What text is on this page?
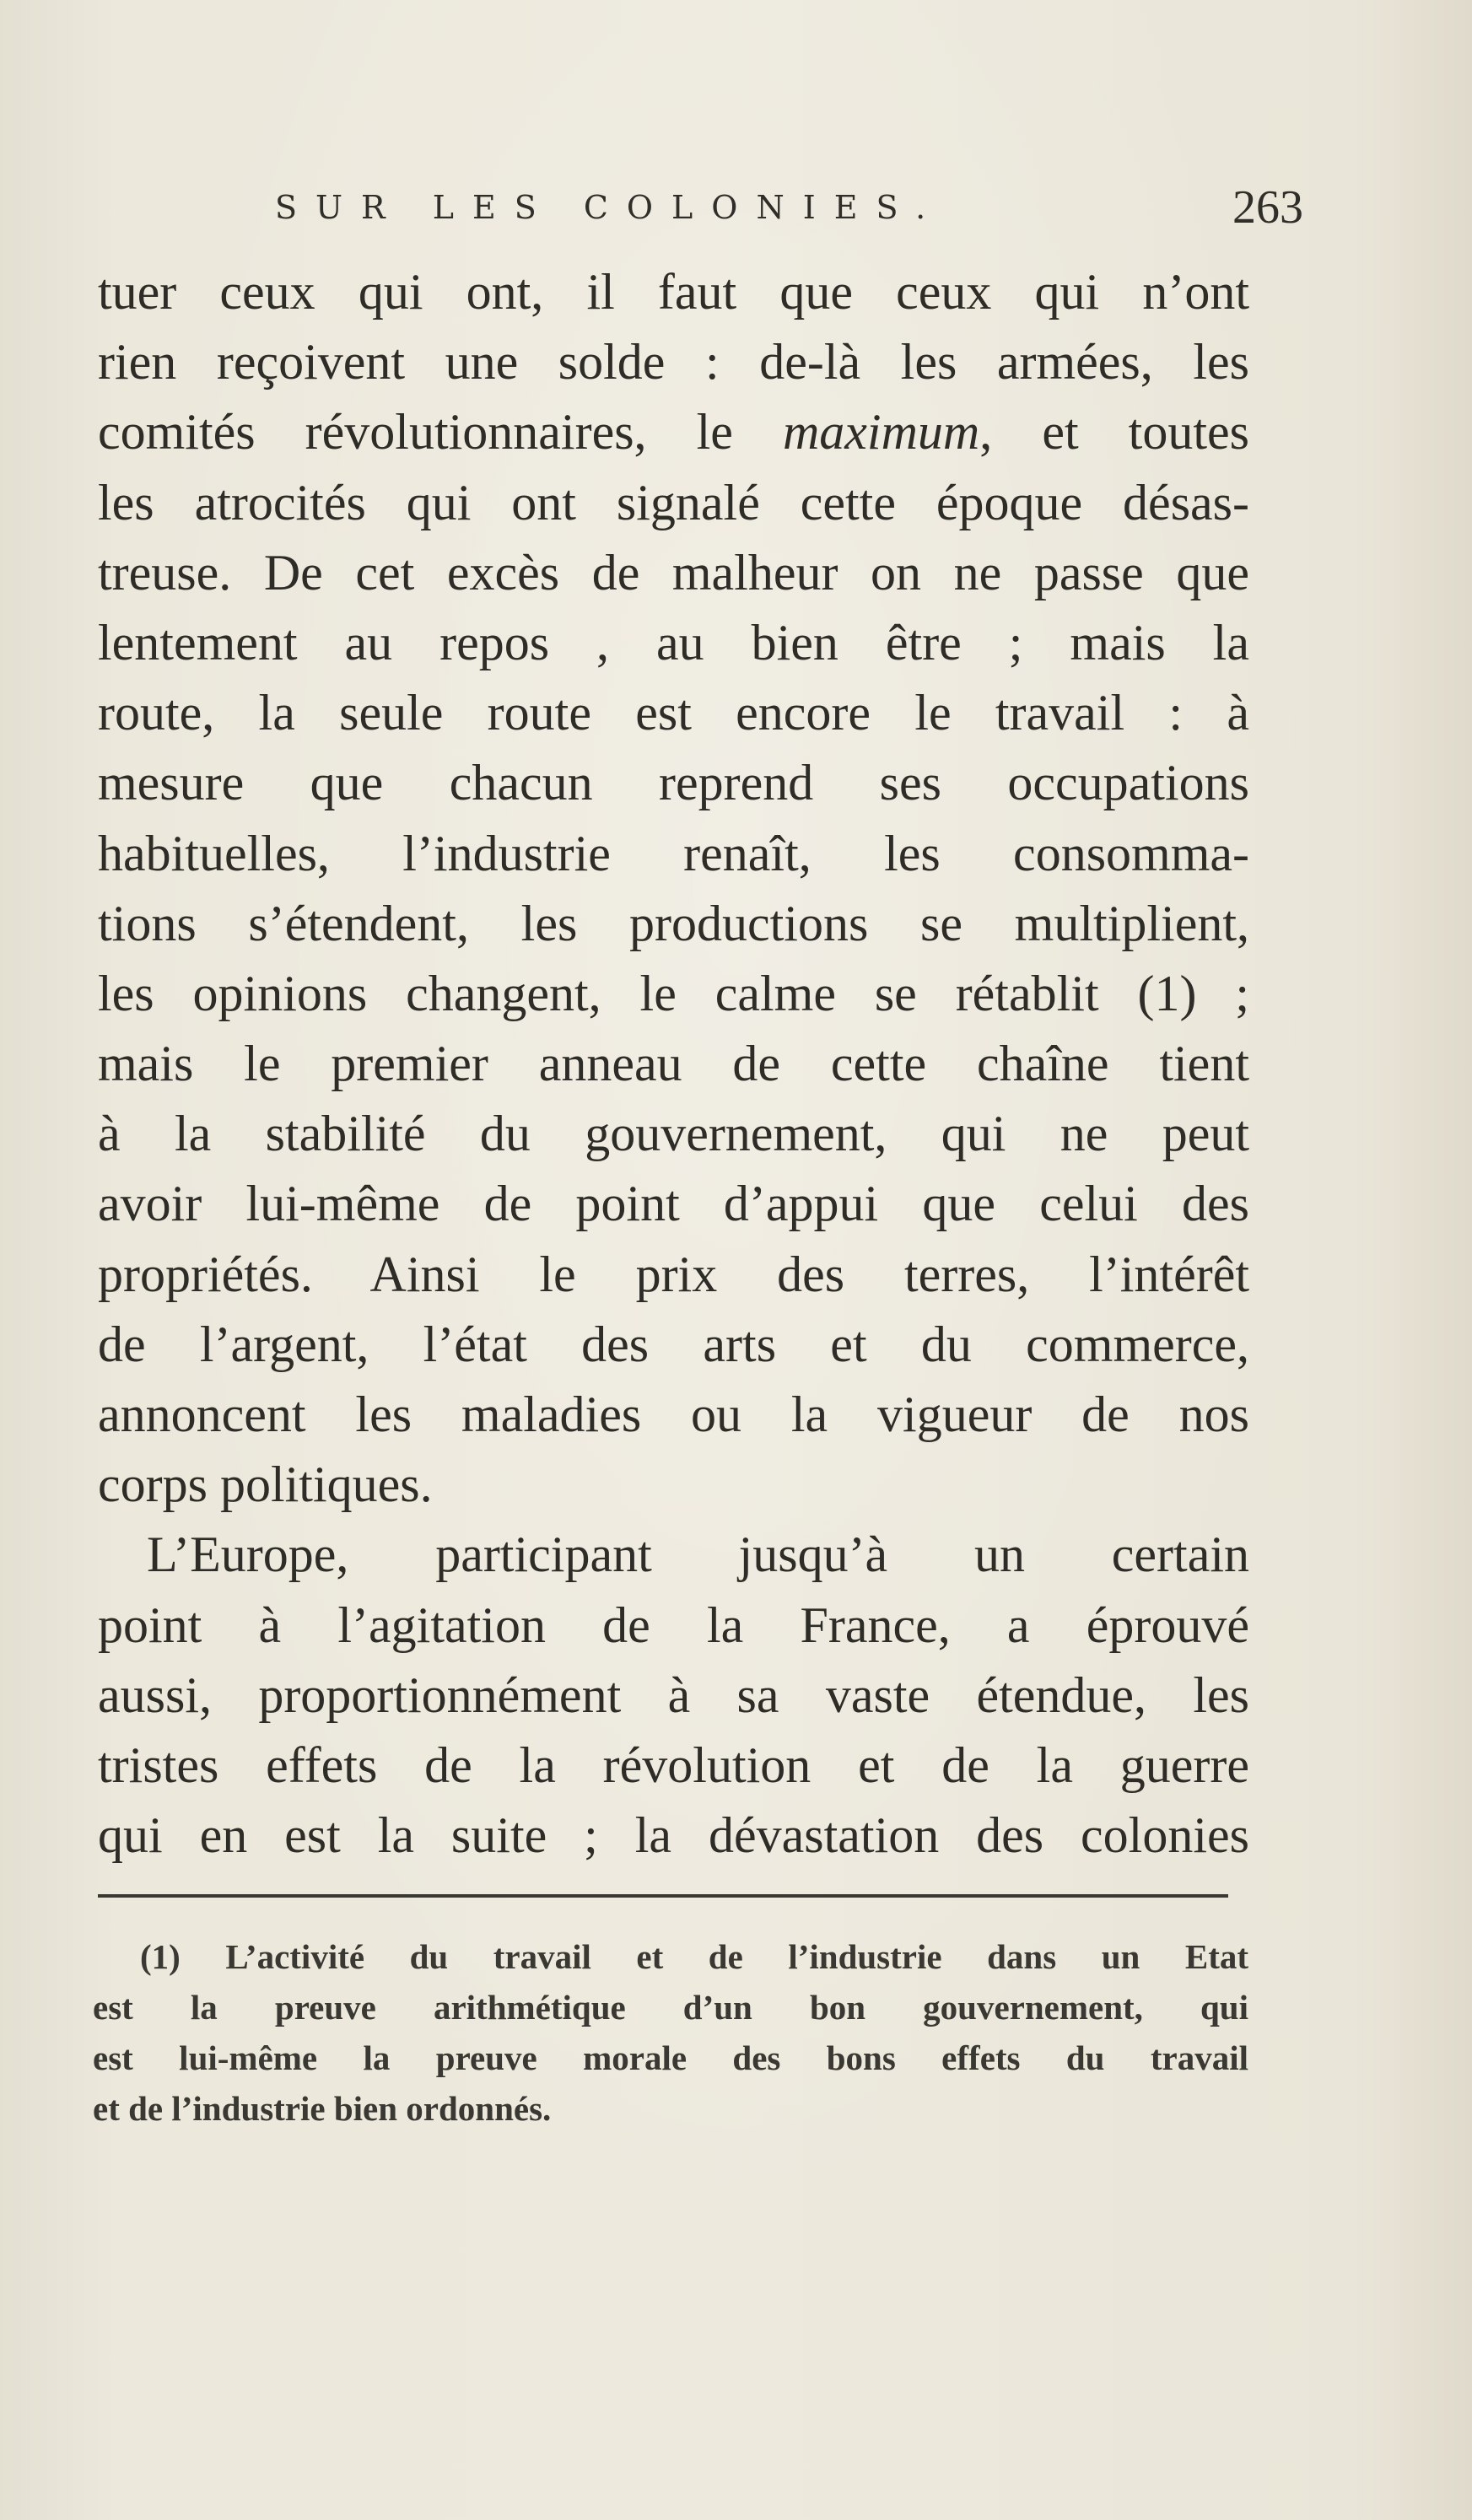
SUR LES COLONIES.	263
tuer ceux qui ont, il faut que ceux qui n’ont
rien reçoivent une solde : de-là les armées, les
comités révolutionnaires, le maximum, et toutes
les atrocités qui ont signalé cette époque désas-
treuse. De cet excès de malheur on ne passe que
lentement au repos , au bien être ; mais la
route, la seule route est encore le travail : à
mesure que chacun reprend ses occupations
habituelles, l’industrie renaît, les consomma-
tions s’étendent, les productions se multiplient,
les opinions changent, le calme se rétablit (1) ;
mais le premier anneau de cette chaîne tient
à la stabilité du gouvernement, qui ne peut
avoir lui-même de point d’appui que celui des
propriétés. Ainsi le prix des terres, l’intérêt
de l’argent, l’état des arts et du commerce,
annoncent les maladies ou la vigueur de nos
corps politiques.
L’Europe, participant jusqu’à un certain
point à l’agitation de la France, a éprouvé
aussi, proportionnément à sa vaste étendue, les
tristes effets de la révolution et de la guerre
qui en est la suite ; la dévastation des colonies
(1) L’activité du travail et de l’industrie dans un Etat
est la preuve arithmétique d’un bon gouvernement, qui
est lui-même la preuve morale des bons effets du travail
et de l’industrie bien ordonnés.
